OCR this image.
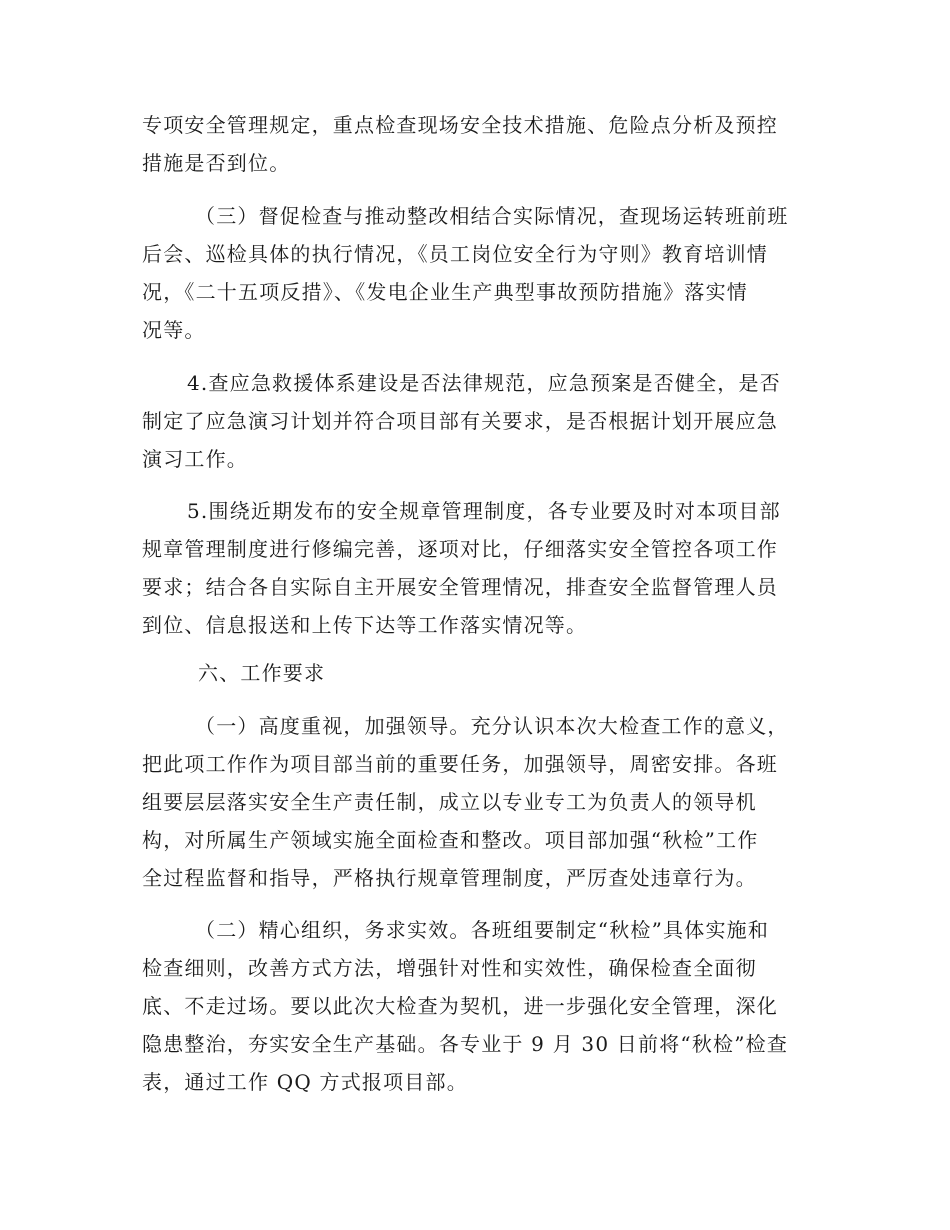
专项安全管理规定，重点检查现场安全技术措施、危险点分析及预控
措施是否到位。
（三）督促检查与推动整改相结合实际情况，查现场运转班前班
后会、巡检具体的执行情况，《员工岗位安全行为守则》教育培训情
况，《二十五项反措》、《发电企业生产典型事故预防措施》落实情
况等。
4.查应急救援体系建设是否法律规范，应急预案是否健全，是否
制定了应急演习计划并符合项目部有关要求，是否根据计划开展应急
演习工作。
5.围绕近期发布的安全规章管理制度，各专业要及时对本项目部
规章管理制度进行修编完善，逐项对比，仔细落实安全管控各项工作
要求；结合各自实际自主开展安全管理情况，排查安全监督管理人员
到位、信息报送和上传下达等工作落实情况等。
六、工作要求
（一）高度重视，加强领导。充分认识本次大检查工作的意义，
把此项工作作为项目部当前的重要任务，加强领导，周密安排。各班
组要层层落实安全生产责任制，成立以专业专工为负责人的领导机
构，对所属生产领域实施全面检查和整改。项目部加强“秋检”工作
全过程监督和指导，严格执行规章管理制度，严厉查处违章行为。
（二）精心组织，务求实效。各班组要制定“秋检”具体实施和
检查细则，改善方式方法，增强针对性和实效性，确保检查全面彻
底、不走过场。要以此次大检查为契机，进一步强化安全管理，深化
隐患整治，夯实安全生产基础。各专业于 9 月 30 日前将“秋检”检查
表，通过工作 QQ 方式报项目部。
